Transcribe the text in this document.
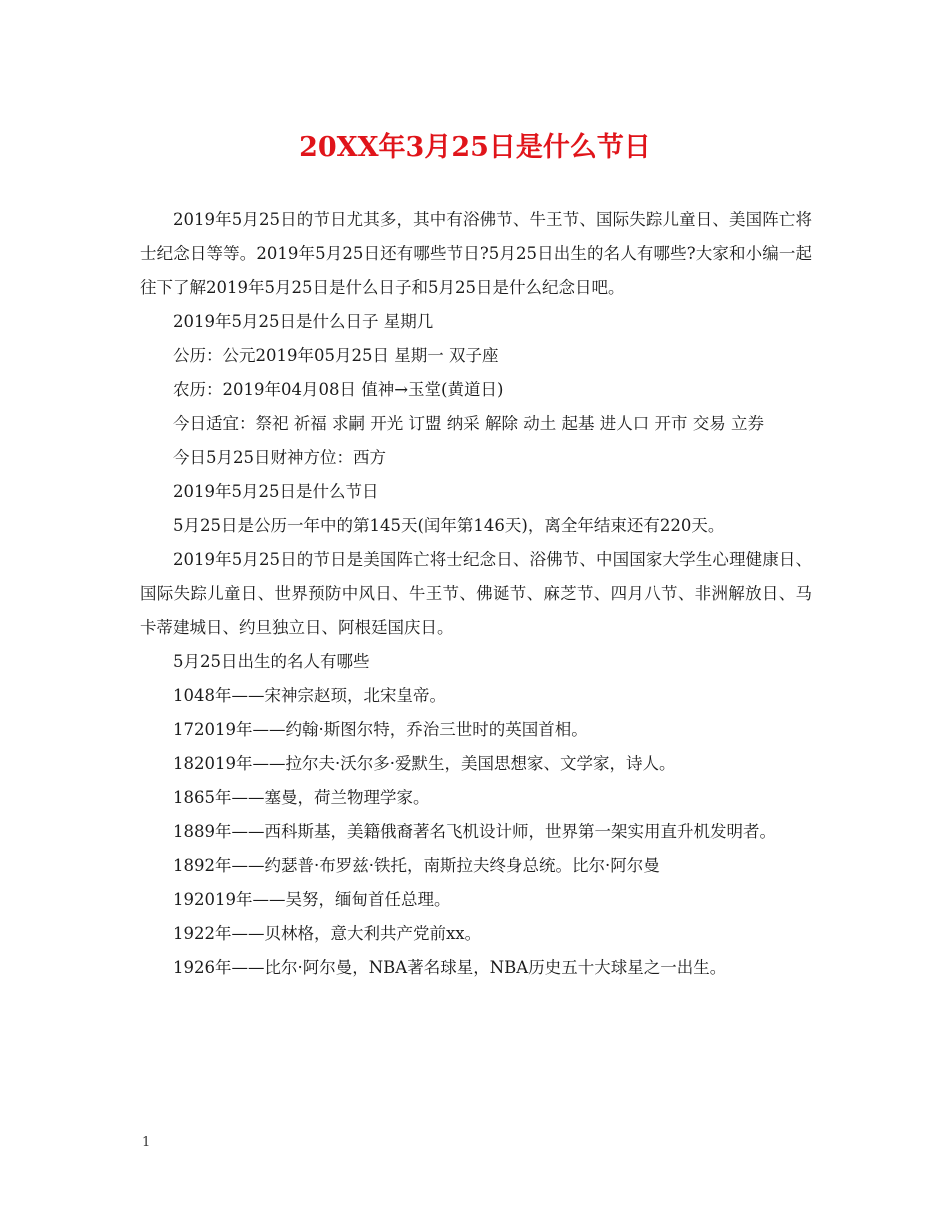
20XX年3月25日是什么节日

2019年5月25日的节日尤其多，其中有浴佛节、牛王节、国际失踪儿童日、美国阵亡将士纪念日等等。2019年5月25日还有哪些节日?5月25日出生的名人有哪些?大家和小编一起往下了解2019年5月25日是什么日子和5月25日是什么纪念日吧。

2019年5月25日是什么日子 星期几

公历：公元2019年05月25日 星期一 双子座

农历：2019年04月08日 值神→玉堂(黄道日)

今日适宜：祭祀 祈福 求嗣 开光 订盟 纳采 解除 动土 起基 进人口 开市 交易 立券

今日5月25日财神方位：西方

2019年5月25日是什么节日

5月25日是公历一年中的第145天(闰年第146天)，离全年结束还有220天。

2019年5月25日的节日是美国阵亡将士纪念日、浴佛节、中国国家大学生心理健康日、国际失踪儿童日、世界预防中风日、牛王节、佛诞节、麻芝节、四月八节、非洲解放日、马卡蒂建城日、约旦独立日、阿根廷国庆日。

5月25日出生的名人有哪些

1048年——宋神宗赵顼，北宋皇帝。

172019年——约翰·斯图尔特，乔治三世时的英国首相。

182019年——拉尔夫·沃尔多·爱默生，美国思想家、文学家，诗人。

1865年——塞曼，荷兰物理学家。

1889年——西科斯基，美籍俄裔著名飞机设计师，世界第一架实用直升机发明者。

1892年——约瑟普·布罗兹·铁托，南斯拉夫终身总统。比尔·阿尔曼

192019年——吴努，缅甸首任总理。

1922年——贝林格，意大利共产党前xx。

1926年——比尔·阿尔曼，NBA著名球星，NBA历史五十大球星之一出生。

1
